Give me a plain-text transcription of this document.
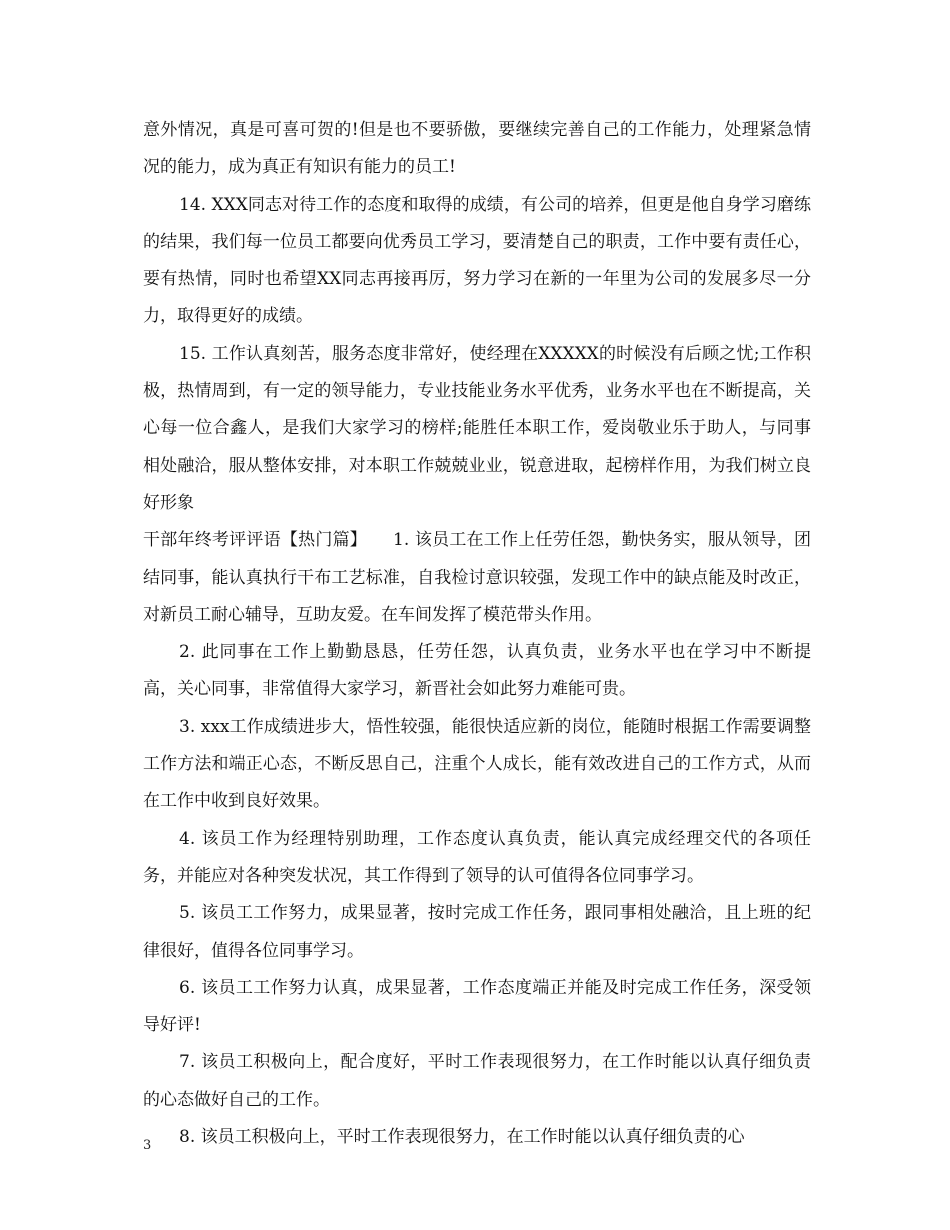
意外情况，真是可喜可贺的!但是也不要骄傲，要继续完善自己的工作能力，处理紧急情况的能力，成为真正有知识有能力的员工!

14. XXX同志对待工作的态度和取得的成绩，有公司的培养，但更是他自身学习磨练的结果，我们每一位员工都要向优秀员工学习，要清楚自己的职责，工作中要有责任心，要有热情，同时也希望XX同志再接再厉，努力学习在新的一年里为公司的发展多尽一分力，取得更好的成绩。

15. 工作认真刻苦，服务态度非常好，使经理在XXXXX的时候没有后顾之忧;工作积极，热情周到，有一定的领导能力，专业技能业务水平优秀，业务水平也在不断提高，关心每一位合鑫人，是我们大家学习的榜样;能胜任本职工作，爱岗敬业乐于助人，与同事相处融洽，服从整体安排，对本职工作兢兢业业，锐意进取，起榜样作用，为我们树立良好形象

干部年终考评评语【热门篇】　　1. 该员工在工作上任劳任怨，勤快务实，服从领导，团结同事，能认真执行干布工艺标准，自我检讨意识较强，发现工作中的缺点能及时改正，对新员工耐心辅导，互助友爱。在车间发挥了模范带头作用。

2. 此同事在工作上勤勤恳恳，任劳任怨，认真负责，业务水平也在学习中不断提高，关心同事，非常值得大家学习，新晋社会如此努力难能可贵。

3. xxx工作成绩进步大，悟性较强，能很快适应新的岗位，能随时根据工作需要调整工作方法和端正心态，不断反思自己，注重个人成长，能有效改进自己的工作方式，从而在工作中收到良好效果。

4. 该员工作为经理特别助理，工作态度认真负责，能认真完成经理交代的各项任务，并能应对各种突发状况，其工作得到了领导的认可值得各位同事学习。

5. 该员工工作努力，成果显著，按时完成工作任务，跟同事相处融洽，且上班的纪律很好，值得各位同事学习。

6. 该员工工作努力认真，成果显著，工作态度端正并能及时完成工作任务，深受领导好评!

7. 该员工积极向上，配合度好，平时工作表现很努力，在工作时能以认真仔细负责的心态做好自己的工作。

8. 该员工积极向上，平时工作表现很努力，在工作时能以认真仔细负责的心

3
